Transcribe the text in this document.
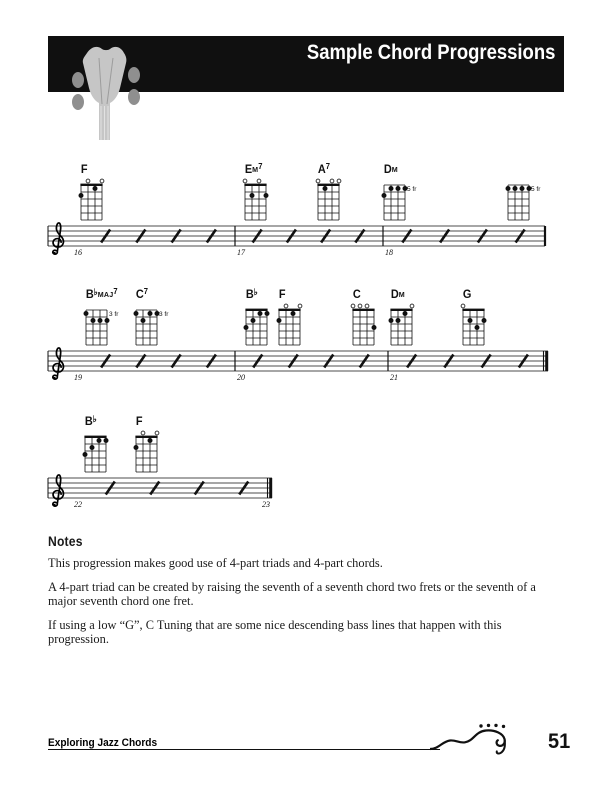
Sample Chord Progressions
F	$EM^7$	$A^7$	DM
5 fr	5 fr
16	17	18
B♭MAJ$^7$
3 fr
$C^7$
3 fr
B♭	F	C	DM	G
19	20	21
B♭	F
22	23
Notes

This progression makes good use of 4-part triads and 4-part chords.

A 4-part triad can be created by raising the seventh of a seventh chord two frets or the seventh of a major seventh chord one fret.

If using a low “G”, C Tuning that are some nice descending bass lines that happen with this progression.

Exploring Jazz Chords	51
